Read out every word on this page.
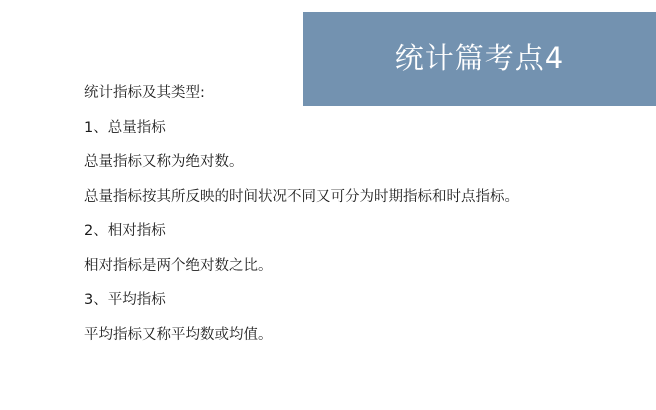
统计篇考点4

统计指标及其类型:

1、总量指标

总量指标又称为绝对数。

总量指标按其所反映的时间状况不同又可分为时期指标和时点指标。

2、相对指标

相对指标是两个绝对数之比。

3、平均指标

平均指标又称平均数或均值。
